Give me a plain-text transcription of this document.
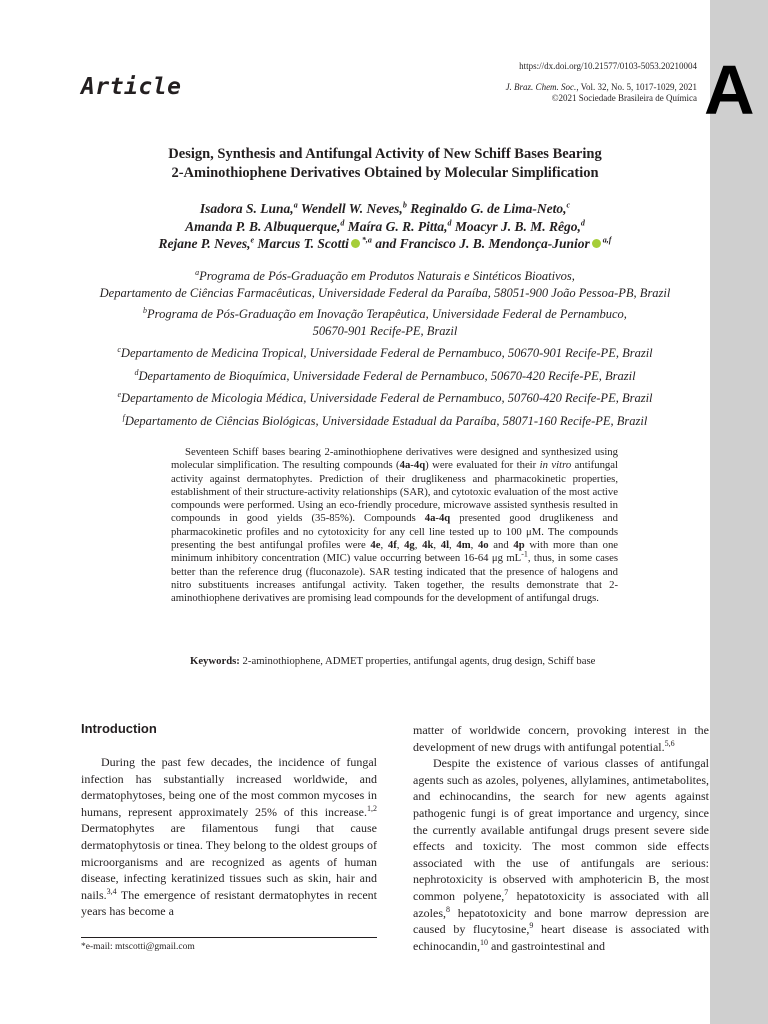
A
https://dx.doi.org/10.21577/0103-5053.20210004
J. Braz. Chem. Soc., Vol. 32, No. 5, 1017-1029, 2021
©2021 Sociedade Brasileira de Química
Article
Design, Synthesis and Antifungal Activity of New Schiff Bases Bearing
2-Aminothiophene Derivatives Obtained by Molecular Simplification
Isadora S. Luna,$^a$ Wendell W. Neves,$^b$ Reginaldo G. de Lima-Neto,$^c$
Amanda P. B. Albuquerque,$^d$ Maíra G. R. Pitta,$^d$ Moacyr J. B. M. Rêgo,$^d$
Rejane P. Neves,$^e$ Marcus T. Scotti $^{*,a}$ and Francisco J. B. Mendonça-Junior $^{a,f}$
$^a$Programa de Pós-Graduação em Produtos Naturais e Sintéticos Bioativos,
Departamento de Ciências Farmacêuticas, Universidade Federal da Paraíba, 58051-900 João Pessoa-PB, Brazil
$^b$Programa de Pós-Graduação em Inovação Terapêutica, Universidade Federal de Pernambuco,
50670-901 Recife-PE, Brazil
$^c$Departamento de Medicina Tropical, Universidade Federal de Pernambuco, 50670-901 Recife-PE, Brazil
$^d$Departamento de Bioquímica, Universidade Federal de Pernambuco, 50670-420 Recife-PE, Brazil
$^e$Departamento de Micologia Médica, Universidade Federal de Pernambuco, 50760-420 Recife-PE, Brazil
$^f$Departamento de Ciências Biológicas, Universidade Estadual da Paraíba, 58071-160 Recife-PE, Brazil
Seventeen Schiff bases bearing 2-aminothiophene derivatives were designed and synthesized using molecular simplification. The resulting compounds (4a-4q) were evaluated for their in vitro antifungal activity against dermatophytes. Prediction of their druglikeness and pharmacokinetic properties, establishment of their structure-activity relationships (SAR), and cytotoxic evaluation of the most active compounds were performed. Using an eco-friendly procedure, microwave assisted synthesis resulted in compounds in good yields (35-85%). Compounds 4a-4q presented good druglikeness and pharmacokinetic profiles and no cytotoxicity for any cell line tested up to 100 μM. The compounds presenting the best antifungal profiles were 4e, 4f, 4g, 4k, 4l, 4m, 4o and 4p with more than one minimum inhibitory concentration (MIC) value occurring between 16-64 μg $mL^{-1}$, thus, in some cases better than the reference drug (fluconazole). SAR testing indicated that the presence of halogens and nitro substituents increases antifungal activity. Taken together, the results demonstrate that 2-aminothiophene derivatives are promising lead compounds for the development of antifungal drugs.
Keywords: 2-aminothiophene, ADMET properties, antifungal agents, drug design, Schiff base
Introduction

During the past few decades, the incidence of fungal infection has substantially increased worldwide, and dermatophytoses, being one of the most common mycoses in humans, represent approximately 25% of this increase.$^{1,2}$ Dermatophytes are filamentous fungi that cause dermatophytosis or tinea. They belong to the oldest groups of microorganisms and are recognized as agents of human disease, infecting keratinized tissues such as skin, hair and nails.$^{3,4}$ The emergence of resistant dermatophytes in recent years has become a

matter of worldwide concern, provoking interest in the development of new drugs with antifungal potential.$^{5,6}$

Despite the existence of various classes of antifungal agents such as azoles, polyenes, allylamines, antimetabolites, and echinocandins, the search for new agents against pathogenic fungi is of great importance and urgency, since the currently available antifungal drugs present severe side effects and toxicity. The most common side effects associated with the use of antifungals are serious: nephrotoxicity is observed with amphotericin B, the most common polyene,$^7$ hepatotoxicity is associated with all azoles,$^8$ hepatotoxicity and bone marrow depression are caused by flucytosine,$^9$ heart disease is associated with echinocandin,$^{10}$ and gastrointestinal and

*e-mail: mtscotti@gmail.com
